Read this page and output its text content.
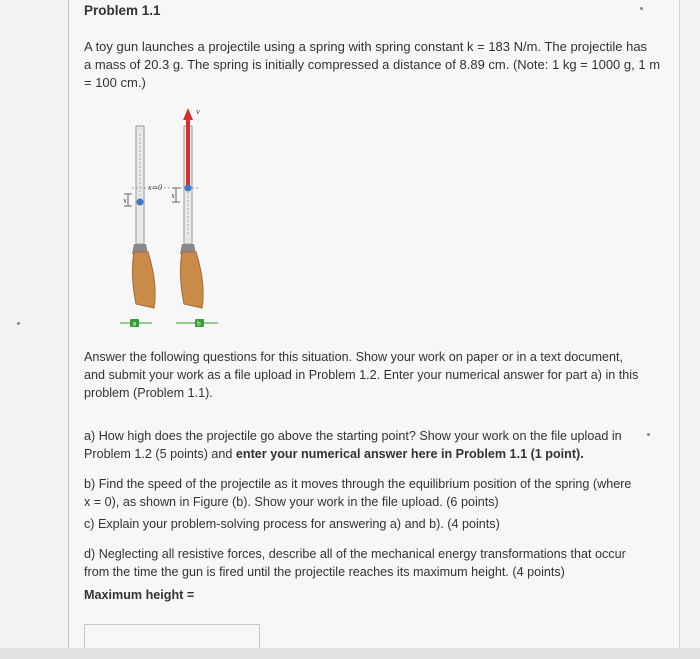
Problem 1.1
A toy gun launches a projectile using a spring with spring constant k = 183 N/m. The projectile has
a mass of 20.3 g. The spring is initially compressed a distance of 8.89 cm. (Note: 1 kg = 1000 g, 1 m
= 100 cm.)
x
a
x=0
v
x
b
Answer the following questions for this situation. Show your work on paper or in a text document,
and submit your work as a file upload in Problem 1.2. Enter your numerical answer for part a) in this
problem (Problem 1.1).
a) How high does the projectile go above the starting point? Show your work on the file upload in
Problem 1.2 (5 points) and enter your numerical answer here in Problem 1.1 (1 point).
b) Find the speed of the projectile as it moves through the equilibrium position of the spring (where
x = 0), as shown in Figure (b). Show your work in the file upload. (6 points)
c) Explain your problem-solving process for answering a) and b). (4 points)
d) Neglecting all resistive forces, describe all of the mechanical energy transformations that occur
from the time the gun is fired until the projectile reaches its maximum height. (4 points)
Maximum height =
